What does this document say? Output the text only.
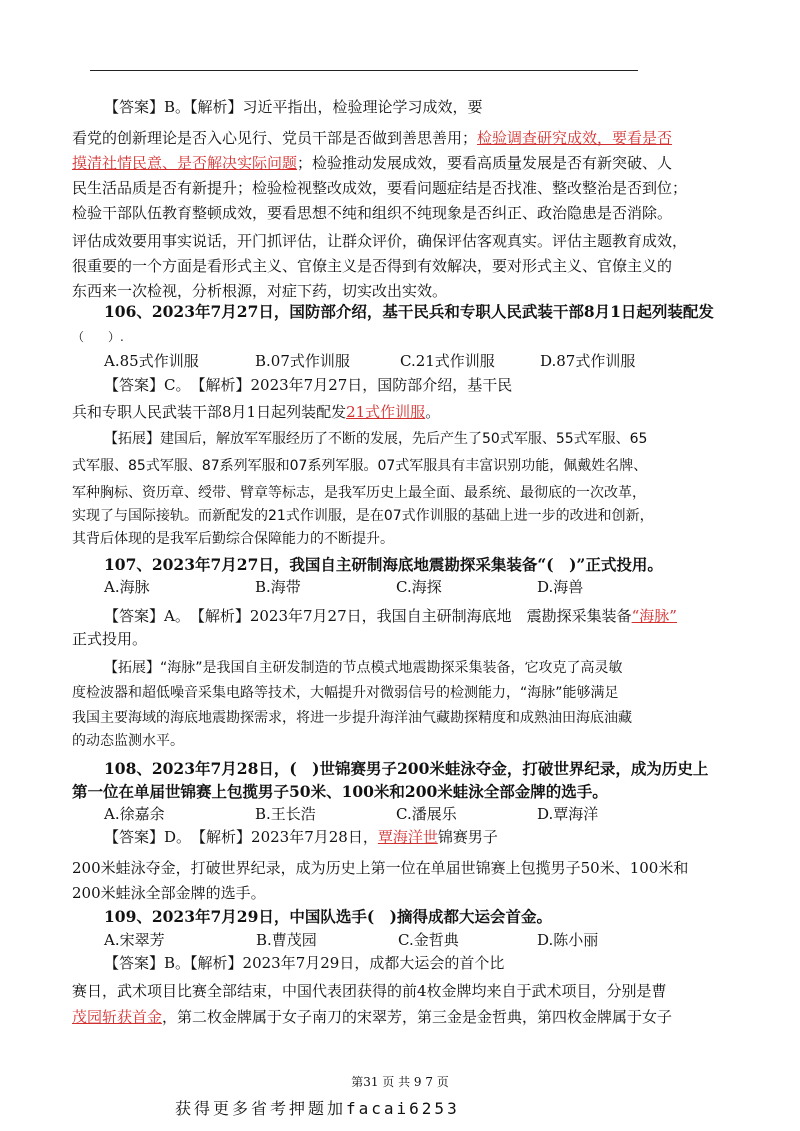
【答案】B。【解析】习近平指出，检验理论学习成效，要
看党的创新理论是否入心见行、党员干部是否做到善思善用；检验调查研究成效，要看是否
摸清社情民意、是否解决实际问题；检验推动发展成效，要看高质量发展是否有新突破、人
民生活品质是否有新提升；检验检视整改成效，要看问题症结是否找准、整改整治是否到位；
检验干部队伍教育整顿成效，要看思想不纯和组织不纯现象是否纠正、政治隐患是否消除。
评估成效要用事实说话，开门抓评估，让群众评价，确保评估客观真实。评估主题教育成效，
很重要的一个方面是看形式主义、官僚主义是否得到有效解决，要对形式主义、官僚主义的
东西来一次检视，分析根源，对症下药，切实改出实效。
106、2023年7月27日，国防部介绍，基干民兵和专职人民武装干部8月1日起列装配发
（　　）.
A.85式作训服	B.07式作训服	C.21式作训服	D.87式作训服
【答案】C。　【解析】2023年7月27日，国防部介绍，基干民
兵和专职人民武装干部8月1日起列装配发21式作训服。
【拓展】建国后，解放军军服经历了不断的发展，先后产生了50式军服、55式军服、65
式军服、85式军服、87系列军服和07系列军服。07式军服具有丰富识别功能，佩戴姓名牌、
军种胸标、资历章、绶带、臂章等标志，是我军历史上最全面、最系统、最彻底的一次改革，
实现了与国际接轨。而新配发的21式作训服，是在07式作训服的基础上进一步的改进和创新，
其背后体现的是我军后勤综合保障能力的不断提升。
107、2023年7月27日，我国自主研制海底地震勘探采集装备“(　)”正式投用。
A.海脉	B.海带	C.海探	D.海兽
【答案】A。　【解析】2023年7月27日，我国自主研制海底地　震勘探采集装备“海脉”
正式投用。
【拓展】“海脉”是我国自主研发制造的节点模式地震勘探采集装备，它攻克了高灵敏
度检波器和超低噪音采集电路等技术，大幅提升对微弱信号的检测能力，“海脉”能够满足
我国主要海域的海底地震勘探需求，将进一步提升海洋油气藏勘探精度和成熟油田海底油藏
的动态监测水平。
108、2023年7月28日，(　)世锦赛男子200米蛙泳夺金，打破世界纪录，成为历史上
第一位在单届世锦赛上包揽男子50米、100米和200米蛙泳全部金牌的选手。
A.徐嘉余	B.王长浩	C.潘展乐	D.覃海洋
【答案】D。　【解析】2023年7月28日，覃海洋世锦赛男子
200米蛙泳夺金，打破世界纪录，成为历史上第一位在单届世锦赛上包揽男子50米、100米和
200米蛙泳全部金牌的选手。
109、2023年7月29日，中国队选手(　)摘得成都大运会首金。
A.宋翠芳	B.曹茂园	C.金哲典	D.陈小丽
【答案】B。【解析】2023年7月29日，成都大运会的首个比
赛日，武术项目比赛全部结束，中国代表团获得的前4枚金牌均来自于武术项目，分别是曹
茂园斩获首金，第二枚金牌属于女子南刀的宋翠芳，第三金是金哲典，第四枚金牌属于女子
第31 页 共 9 7 页
获得更多省考押题加facai6253
